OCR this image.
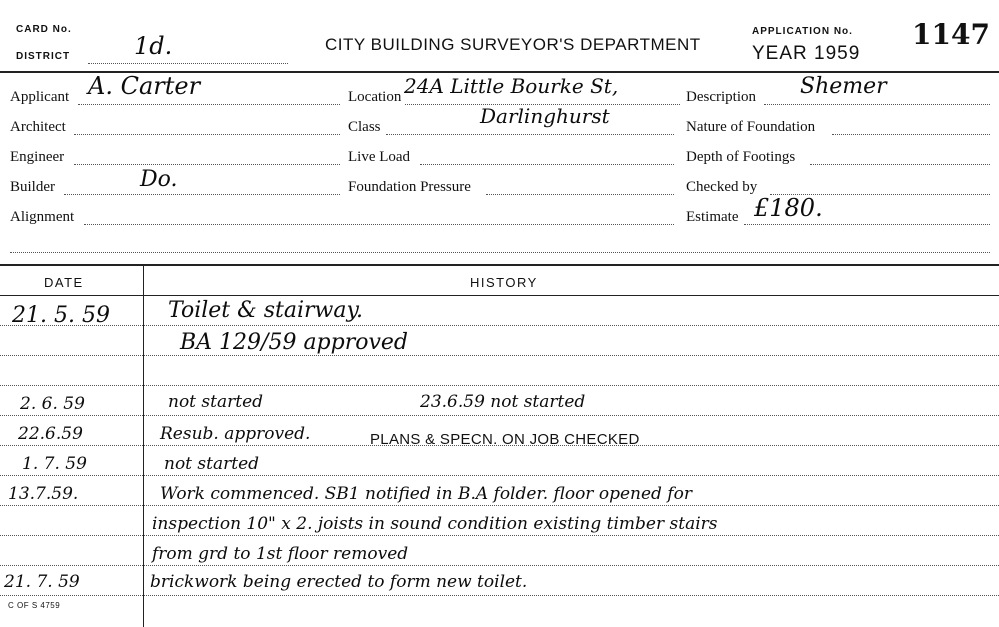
CARD No.
DISTRICT	1d.	CITY BUILDING SURVEYOR'S DEPARTMENT
APPLICATION No.
YEAR 1959
1147
Applicant A. Carter
Architect
Engineer
Builder	Do.
Alignment
Location 24A Little Bourke St,
Class	Darlinghurst
Live Load
Foundation Pressure
Description Shemer
Nature of Foundation
Depth of Footings
Checked by
Estimate £180.
DATE	HISTORY
21. 5. 59	Toilet & stairway.
BA 129/59 approved
2. 6. 59	not started	23.6.59 not started
22.6.59	Resub. approved.	PLANS & SPECN. ON JOB CHECKED
1. 7. 59	not started
13.7.59.	Work commenced. SB1 notified in B.A folder. floor opened for
inspection 10" x 2. joists in sound condition existing timber stairs
from grd to 1st floor removed
21. 7. 59	brickwork being erected to form new toilet.
C OF S 4759
